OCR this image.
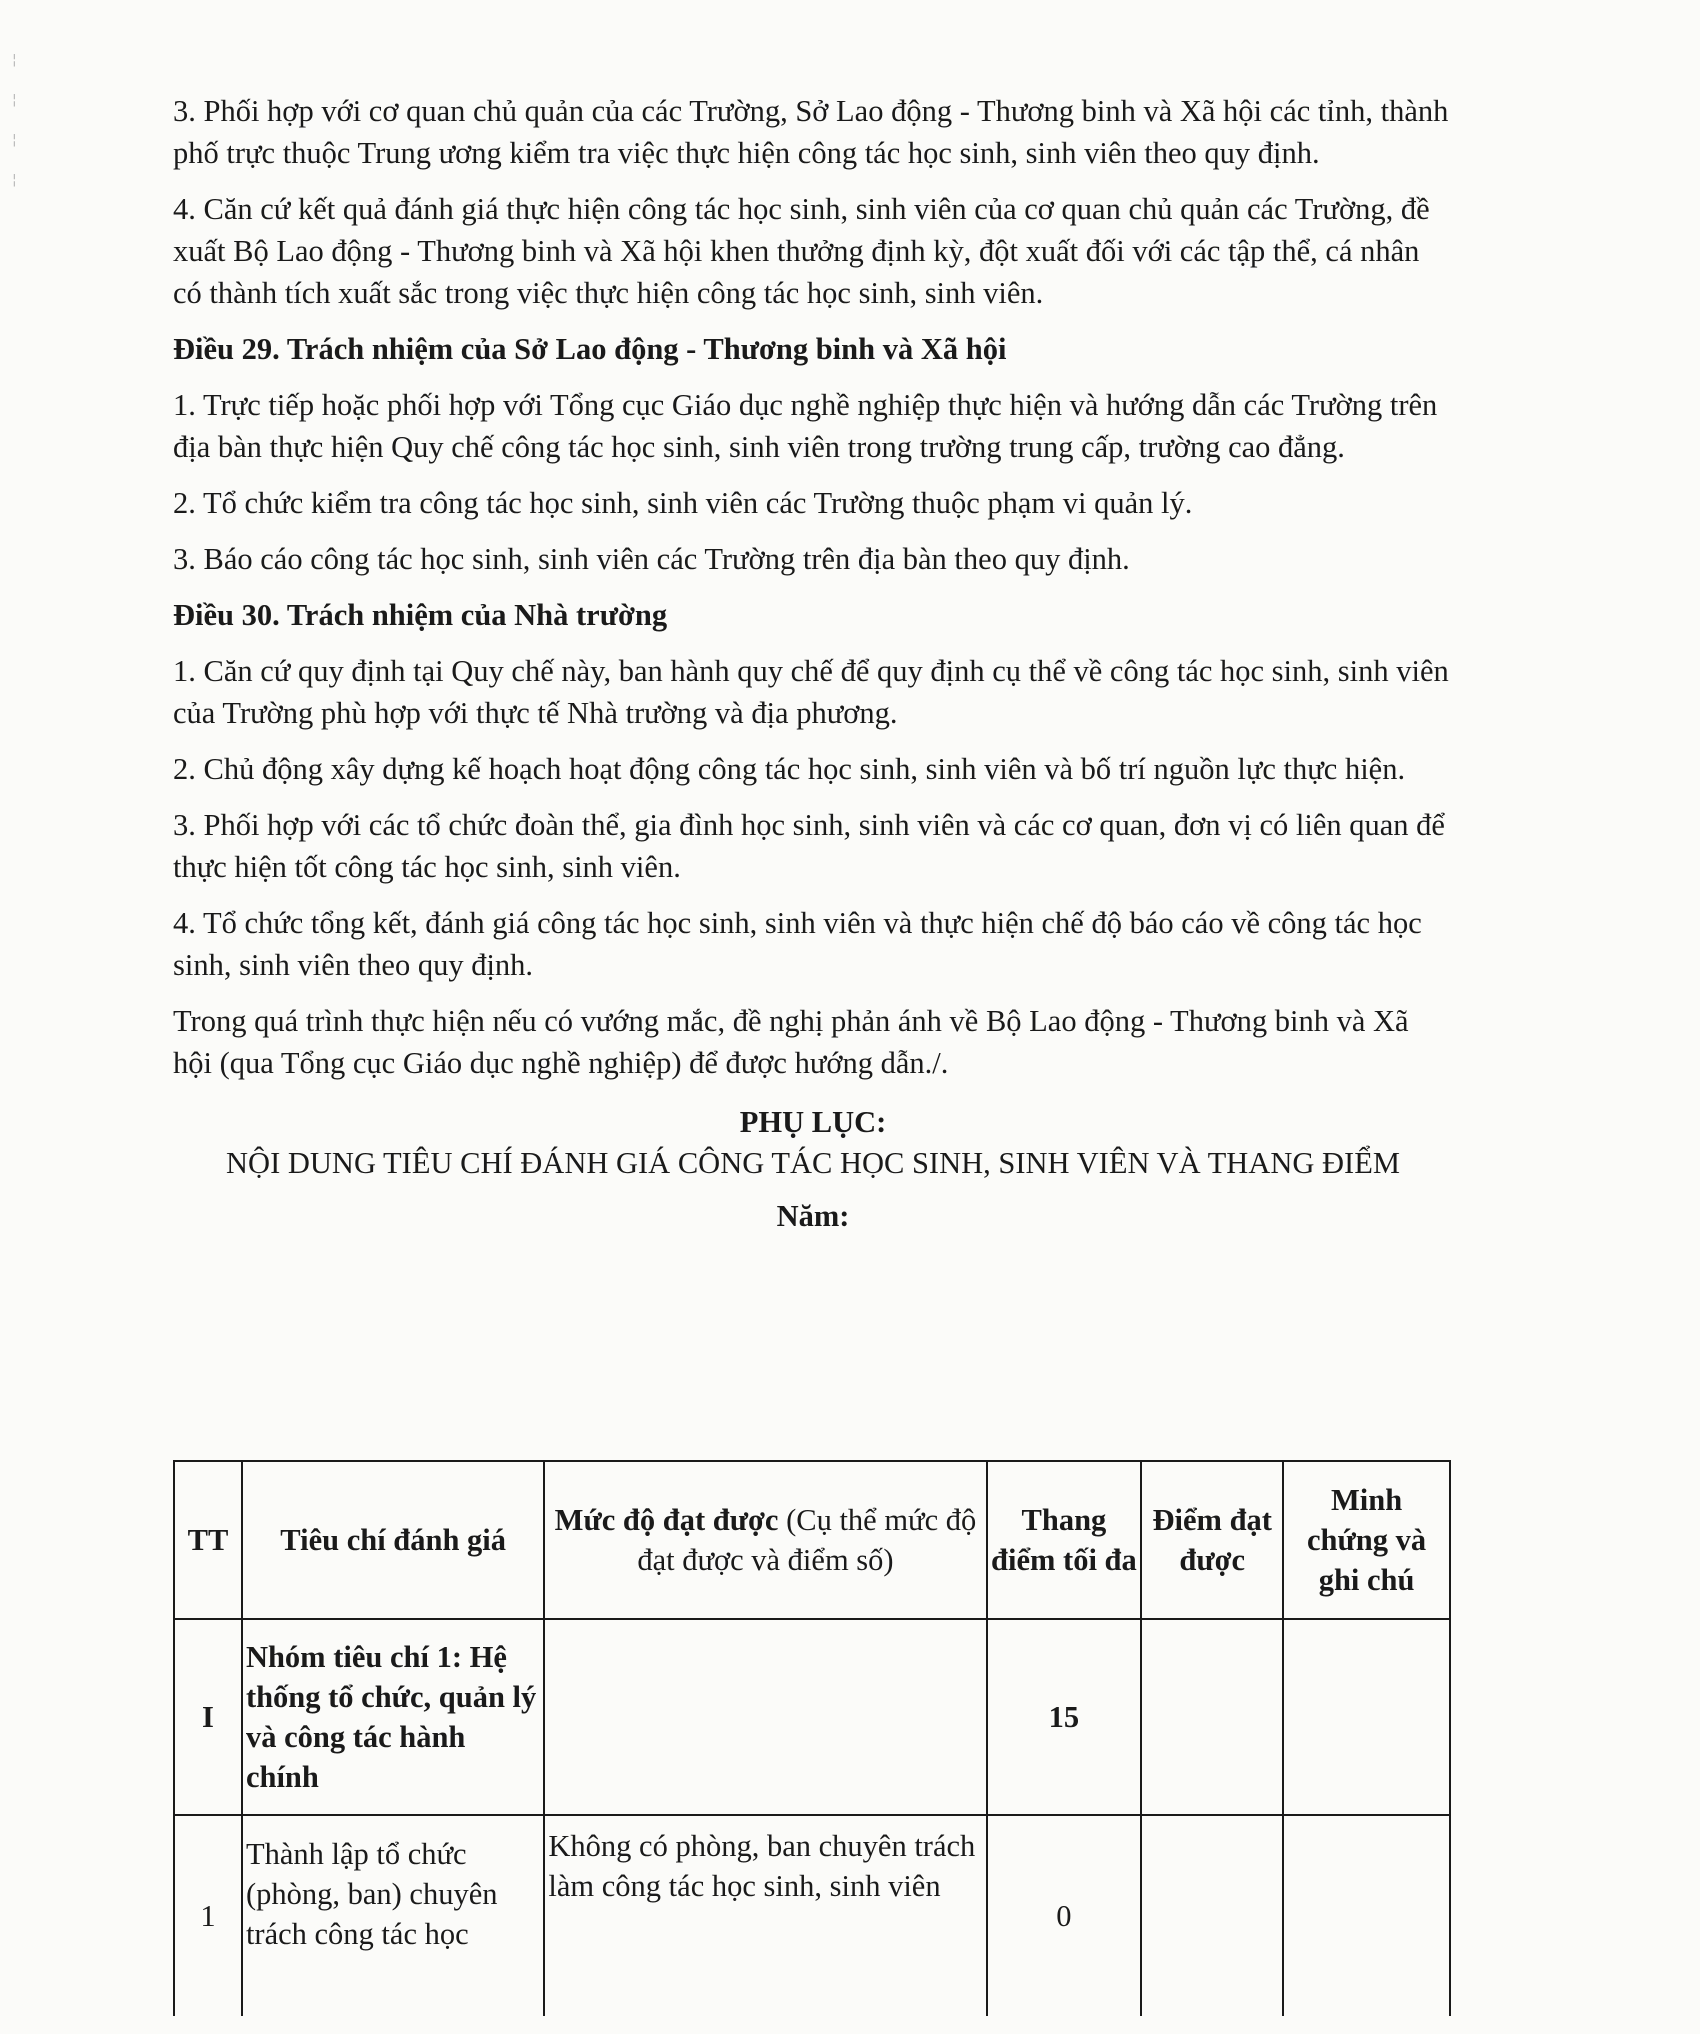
¦
¦
¦
¦

3. Phối hợp với cơ quan chủ quản của các Trường, Sở Lao động - Thương binh và Xã hội các tỉnh, thành phố trực thuộc Trung ương kiểm tra việc thực hiện công tác học sinh, sinh viên theo quy định.

4. Căn cứ kết quả đánh giá thực hiện công tác học sinh, sinh viên của cơ quan chủ quản các Trường, đề xuất Bộ Lao động - Thương binh và Xã hội khen thưởng định kỳ, đột xuất đối với các tập thể, cá nhân có thành tích xuất sắc trong việc thực hiện công tác học sinh, sinh viên.

Điều 29. Trách nhiệm của Sở Lao động - Thương binh và Xã hội

1. Trực tiếp hoặc phối hợp với Tổng cục Giáo dục nghề nghiệp thực hiện và hướng dẫn các Trường trên địa bàn thực hiện Quy chế công tác học sinh, sinh viên trong trường trung cấp, trường cao đẳng.

2. Tổ chức kiểm tra công tác học sinh, sinh viên các Trường thuộc phạm vi quản lý.

3. Báo cáo công tác học sinh, sinh viên các Trường trên địa bàn theo quy định.

Điều 30. Trách nhiệm của Nhà trường

1. Căn cứ quy định tại Quy chế này, ban hành quy chế để quy định cụ thể về công tác học sinh, sinh viên của Trường phù hợp với thực tế Nhà trường và địa phương.

2. Chủ động xây dựng kế hoạch hoạt động công tác học sinh, sinh viên và bố trí nguồn lực thực hiện.

3. Phối hợp với các tổ chức đoàn thể, gia đình học sinh, sinh viên và các cơ quan, đơn vị có liên quan để thực hiện tốt công tác học sinh, sinh viên.

4. Tổ chức tổng kết, đánh giá công tác học sinh, sinh viên và thực hiện chế độ báo cáo về công tác học sinh, sinh viên theo quy định.

Trong quá trình thực hiện nếu có vướng mắc, đề nghị phản ánh về Bộ Lao động - Thương binh và Xã hội (qua Tổng cục Giáo dục nghề nghiệp) để được hướng dẫn./.

PHỤ LỤC:
NỘI DUNG TIÊU CHÍ ĐÁNH GIÁ CÔNG TÁC HỌC SINH, SINH VIÊN VÀ THANG ĐIỂM
Năm:
TT	Tiêu chí đánh giá	Mức độ đạt được (Cụ thể mức độ đạt được và điểm số)	Thang điểm tối đa	Điểm đạt được	Minh chứng và ghi chú
I	Nhóm tiêu chí 1: Hệ thống tổ chức, quản lý và công tác hành chính		15		
1	Thành lập tổ chức (phòng, ban) chuyên trách công tác học	Không có phòng, ban chuyên trách làm công tác học sinh, sinh viên	0		
